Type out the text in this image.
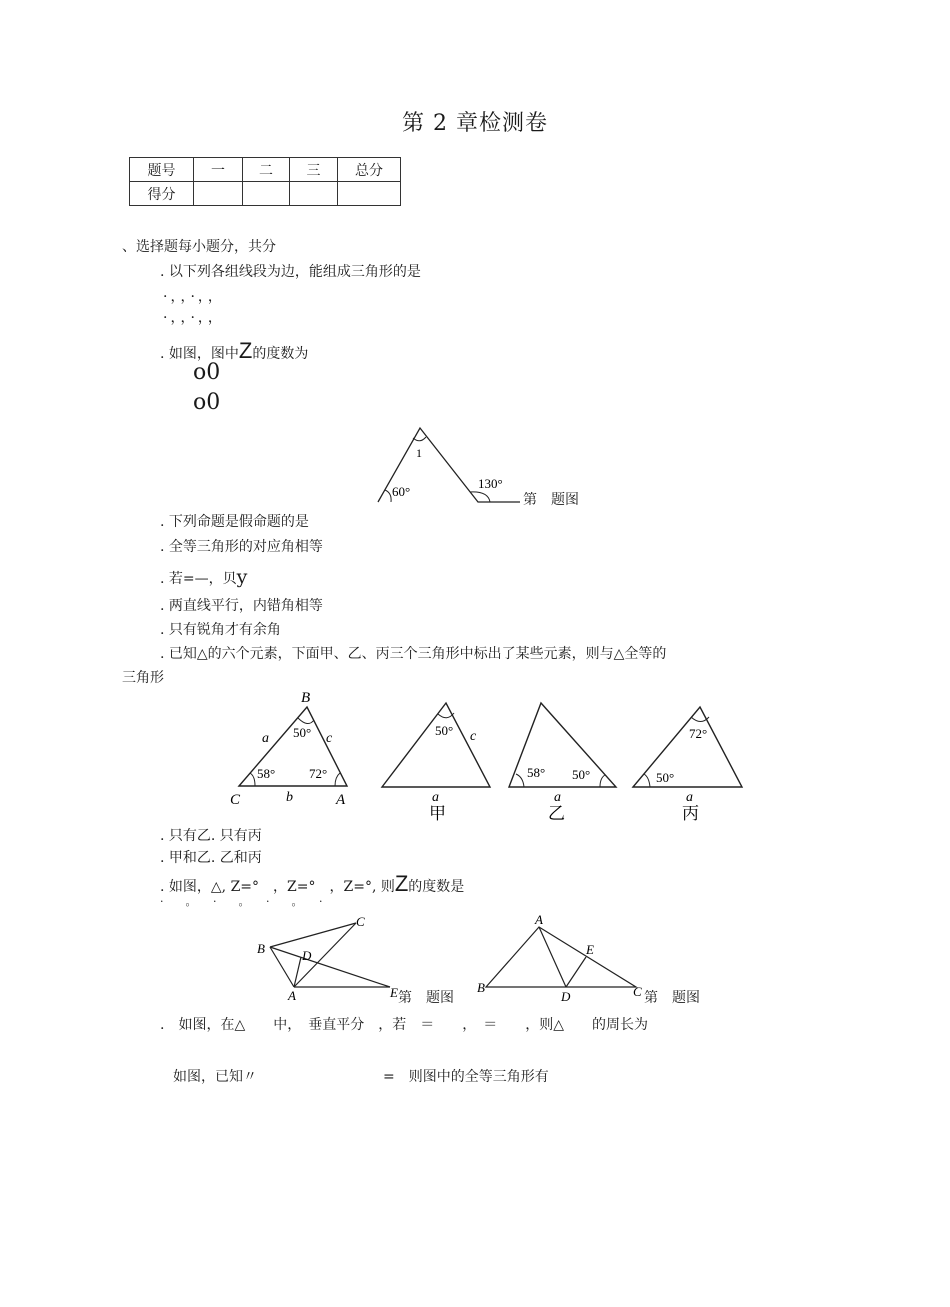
第 2 章检测卷
题号	一	二	三	总分
得分				
、选择题每小题分，共分
. 以下列各组线段为边，能组成三角形的是
·，，·，，
·，，·，，
. 如图，图中Z的度数为
o0
o0
1
60°
130°
第　题图
. 下列命题是假命题的是
. 全等三角形的对应角相等
. 若=—，贝y
. 两直线平行，内错角相等
. 只有锐角才有余角
. 已知△的六个元素，下面甲、乙、丙三个三角形中标出了某些元素，则与△全等的
三角形
B
C	A
a	c
b
50°
58°	72°
50° c
a
甲
58° 50°
a
乙
72°
50°
a
丙
. 只有乙. 只有丙
. 甲和乙. 乙和丙
. 如图，△, Z=°　，Z=°　，Z=°, 则Z的度数是
·　　。　　·　　。　　·　　。　　·
A
B
C
D
E 第　题图
A
B	C
D
E
第　题图
.　如图，在△　　中，　垂直平分　，若　＝　　，　＝　　，则△　　的周长为
如图，已知〃　　　　　　　　　=　则图中的全等三角形有
